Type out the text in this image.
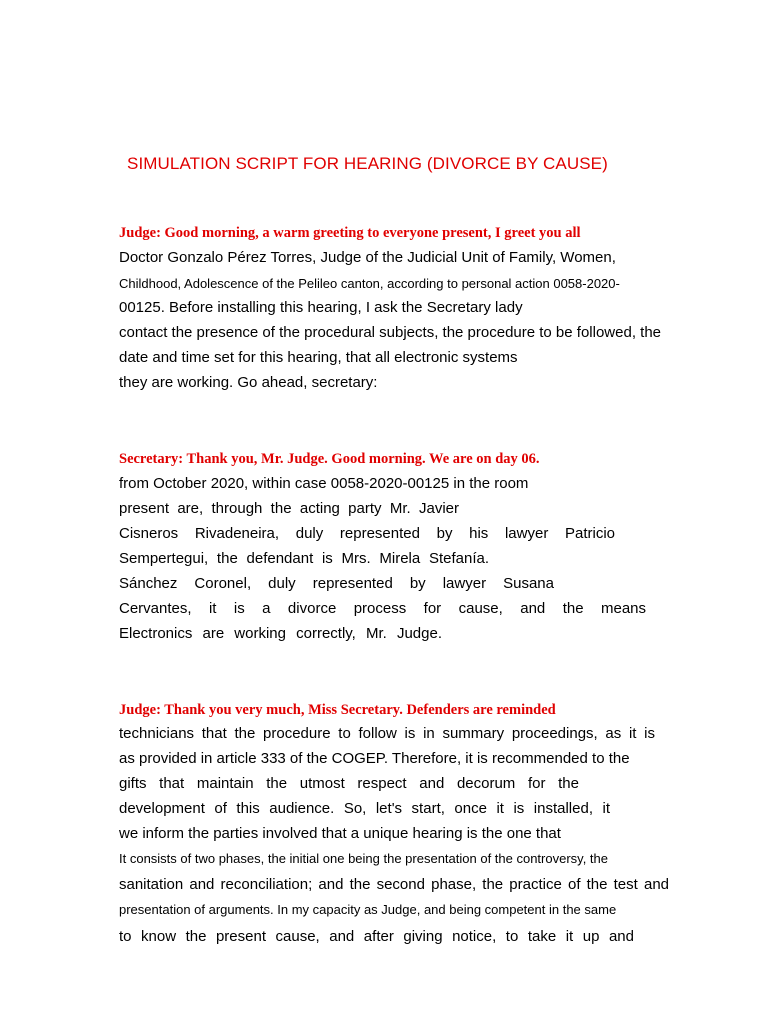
SIMULATION SCRIPT FOR HEARING (DIVORCE BY CAUSE)
Judge: Good morning, a warm greeting to everyone present, I greet you all
Doctor Gonzalo Pérez Torres, Judge of the Judicial Unit of Family, Women,
Childhood, Adolescence of the Pelileo canton, according to personal action 0058-2020-
00125. Before installing this hearing, I ask the Secretary lady
contact the presence of the procedural subjects, the procedure to be followed, the
date and time set for this hearing, that all electronic systems
they are working. Go ahead, secretary:
Secretary: Thank you, Mr. Judge. Good morning. We are on day 06.
from October 2020, within case 0058-2020-00125 in the room
present are, through the acting party Mr. Javier
Cisneros Rivadeneira, duly represented by his lawyer Patricio
Sempertegui, the defendant is Mrs. Mirela Stefanía.
Sánchez Coronel, duly represented by lawyer Susana
Cervantes, it is a divorce process for cause, and the means
Electronics are working correctly, Mr. Judge.
Judge: Thank you very much, Miss Secretary. Defenders are reminded
technicians that the procedure to follow is in summary proceedings, as it is
as provided in article 333 of the COGEP. Therefore, it is recommended to the
gifts that maintain the utmost respect and decorum for the
development of this audience. So, let's start, once it is installed, it
we inform the parties involved that a unique hearing is the one that
It consists of two phases, the initial one being the presentation of the controversy, the
sanitation and reconciliation; and the second phase, the practice of the test and
presentation of arguments. In my capacity as Judge, and being competent in the same
to know the present cause, and after giving notice, to take it up and
